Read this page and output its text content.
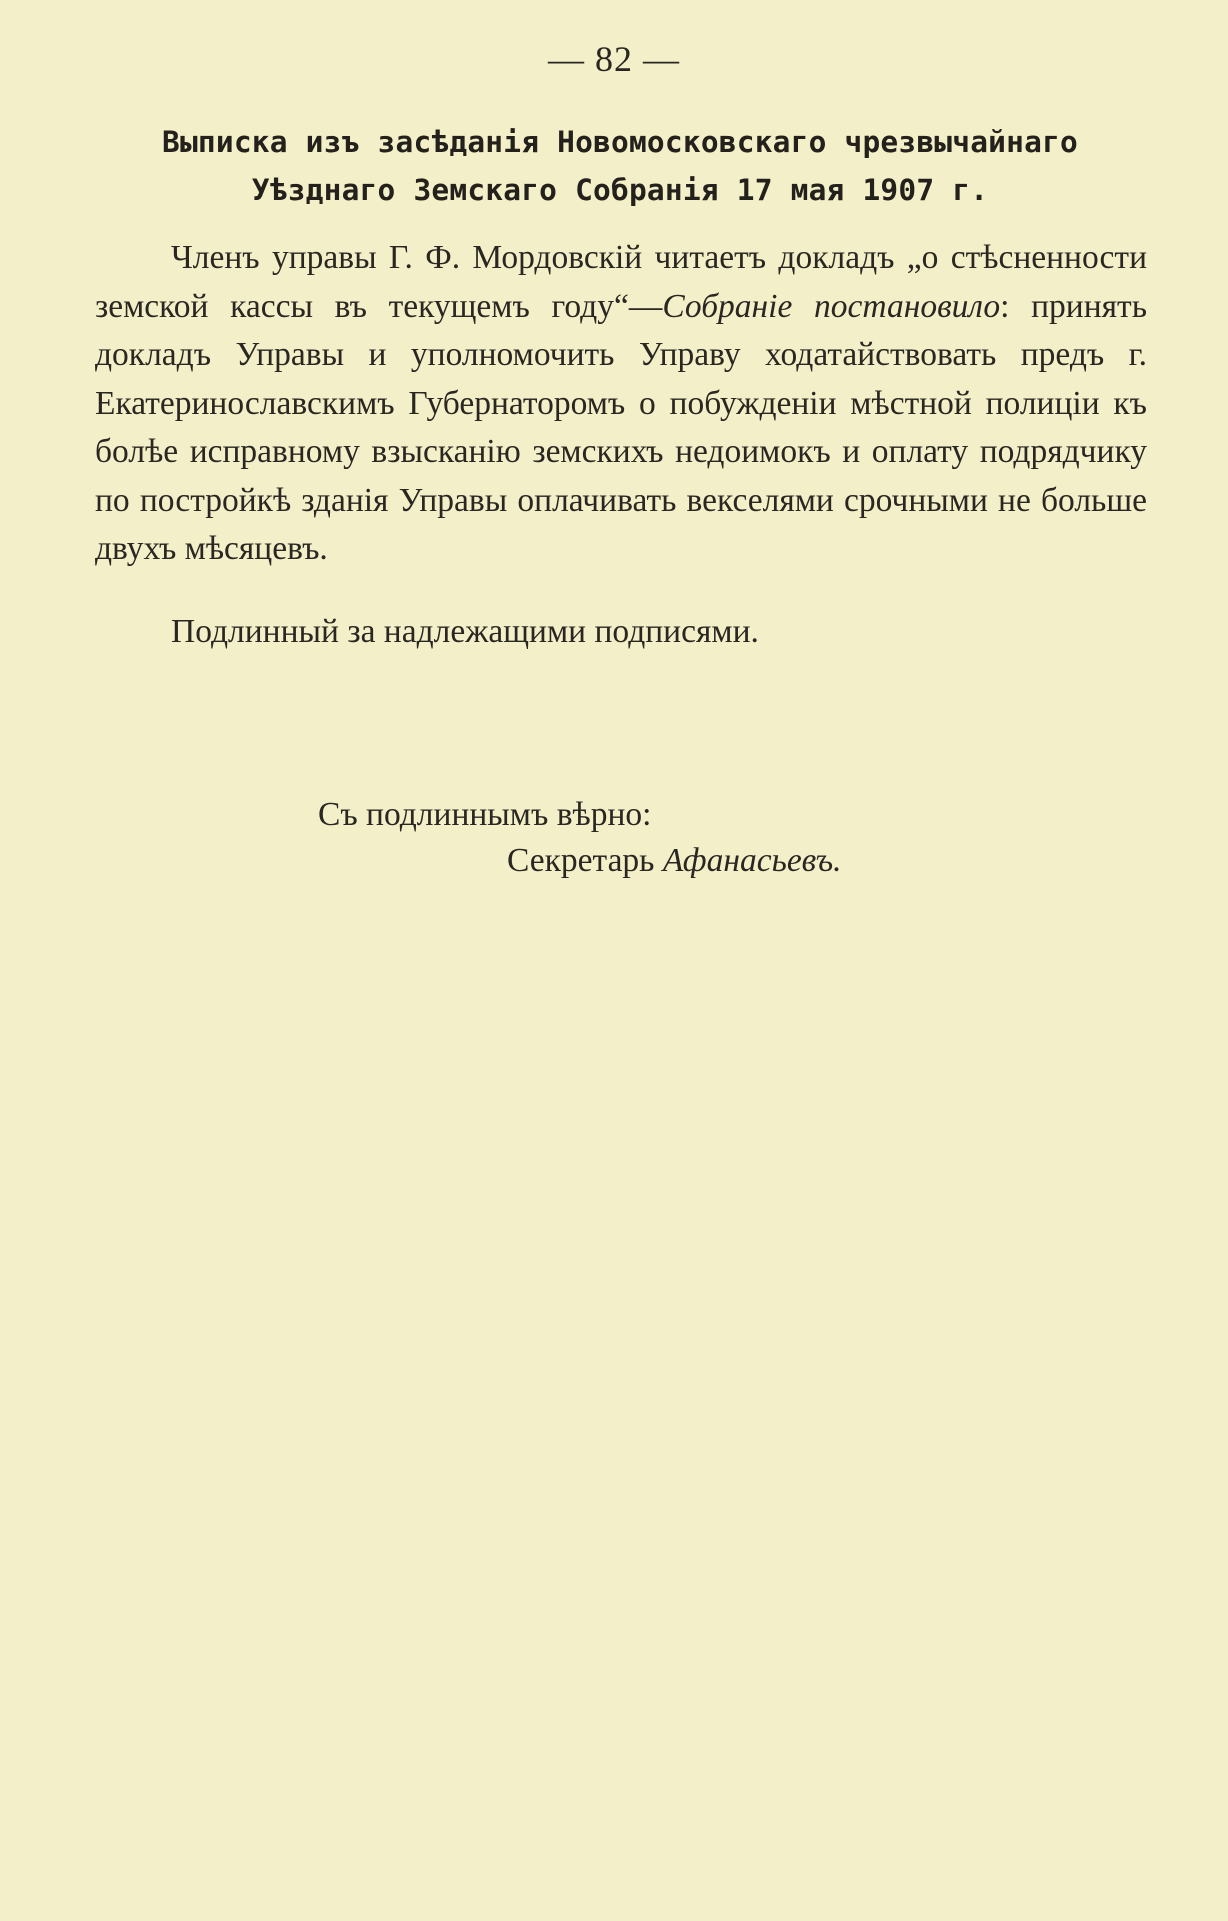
— 82 —
Выписка изъ засѣданія Новомосковскаго чрезвычайнаго
Уѣзднаго Земскаго Собранія 17 мая 1907 г.

Членъ управы Г. Ф. Мордовскій читаетъ докладъ „о стѣсненности земской кассы въ текущемъ году“—Собраніе постановило: принять докладъ Управы и уполномочить Управу ходатайствовать предъ г. Екатеринославскимъ Губернаторомъ о побужденіи мѣстной полиціи къ болѣе исправному взысканію земскихъ недоимокъ и оплату подрядчику по постройкѣ зданія Управы оплачивать векселями срочными не больше двухъ мѣсяцевъ.

Подлинный за надлежащими подписями.
Съ подлиннымъ вѣрно:
Секретарь Афанасьевъ.
